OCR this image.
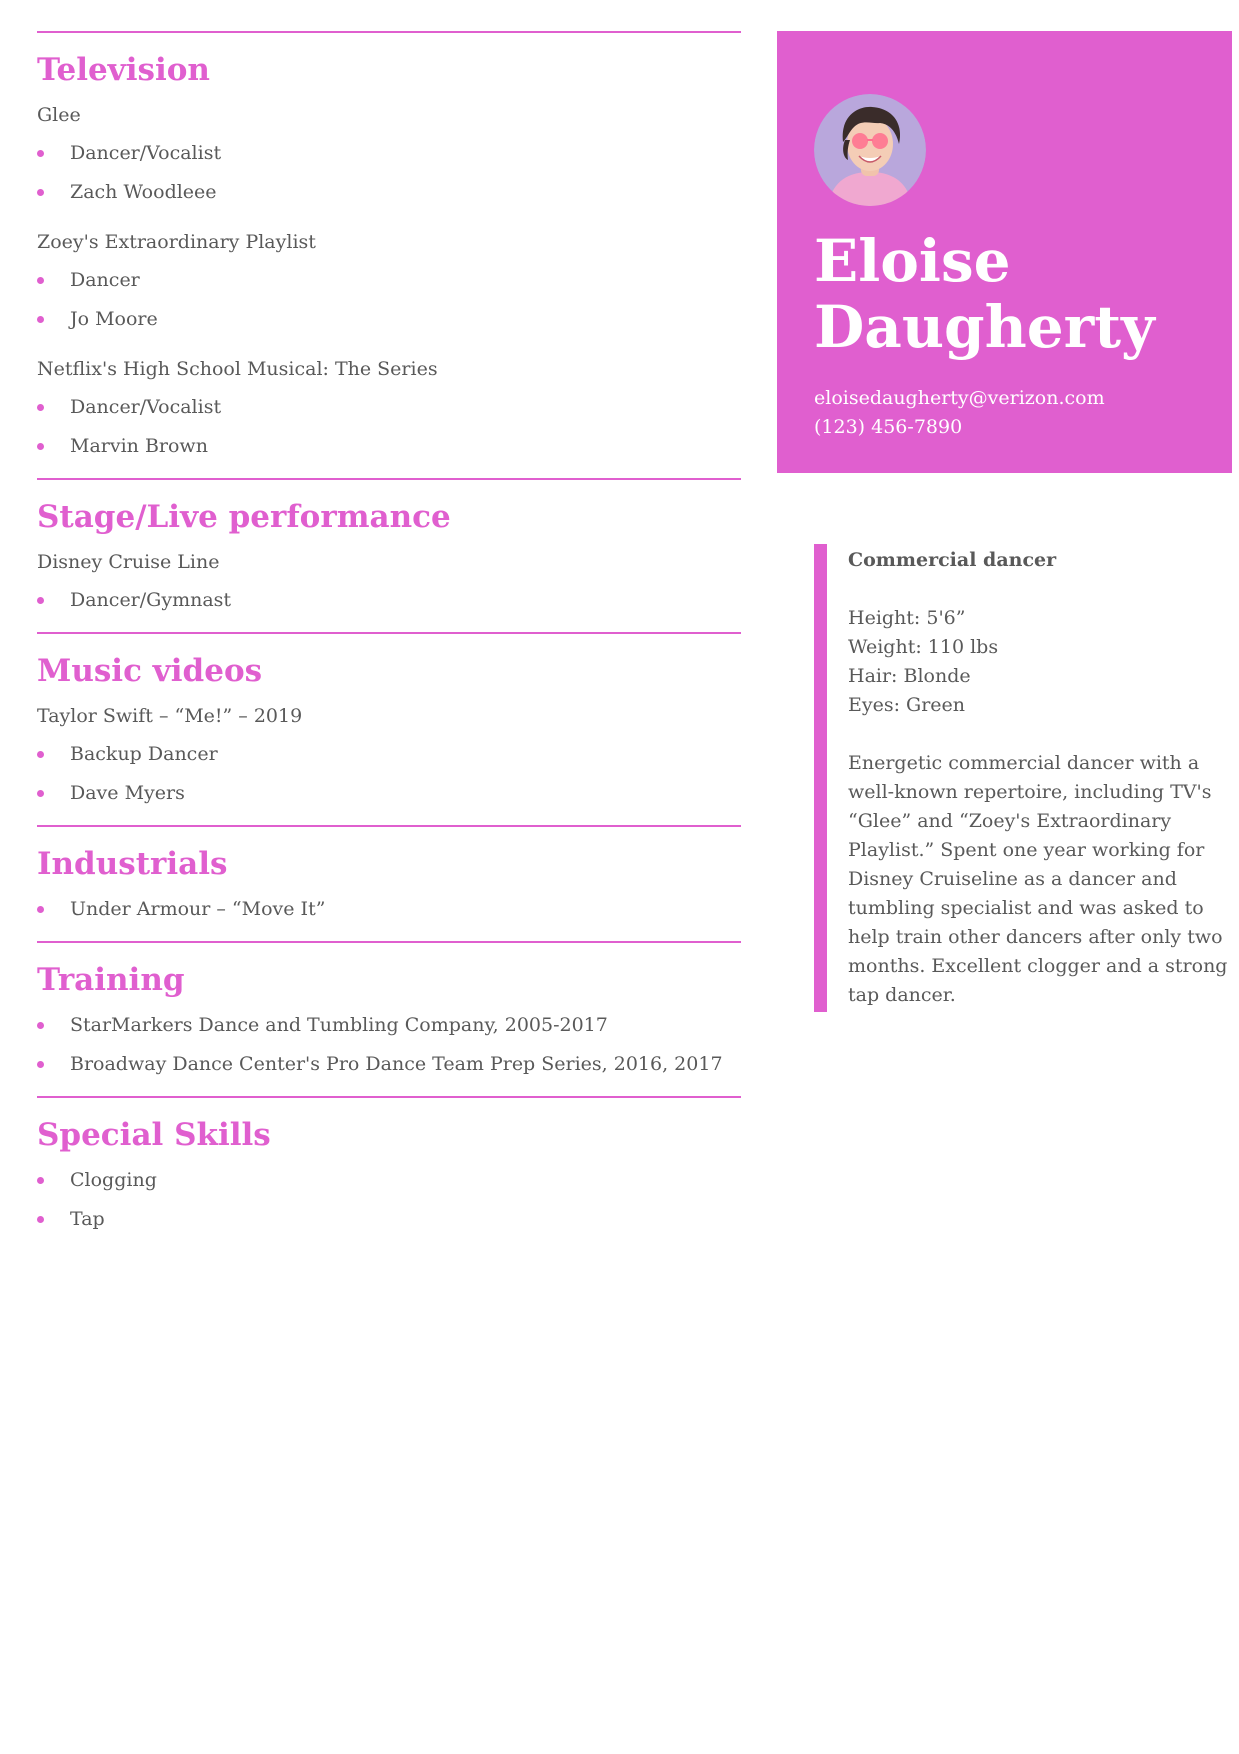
Television
Glee
Dancer/Vocalist
Zach Woodleee
Zoey's Extraordinary Playlist
Dancer
Jo Moore
Netflix's High School Musical: The Series
Dancer/Vocalist
Marvin Brown
Stage/Live performance
Disney Cruise Line
Dancer/Gymnast
Music videos
Taylor Swift – “Me!” – 2019
Backup Dancer
Dave Myers
Industrials
Under Armour – “Move It”
Training
StarMarkers Dance and Tumbling Company, 2005-2017
Broadway Dance Center's Pro Dance Team Prep Series, 2016, 2017
Special Skills
Clogging
Tap
Eloise
Daugherty
eloisedaugherty@verizon.com
(123) 456-7890
Commercial dancer
Height: 5'6”
Weight: 110 lbs
Hair: Blonde
Eyes: Green

Energetic commercial dancer with a well-known repertoire, including TV's “Glee” and “Zoey's Extraordinary Playlist.” Spent one year working for Disney Cruiseline as a dancer and tumbling specialist and was asked to help train other dancers after only two months. Excellent clogger and a strong tap dancer.
